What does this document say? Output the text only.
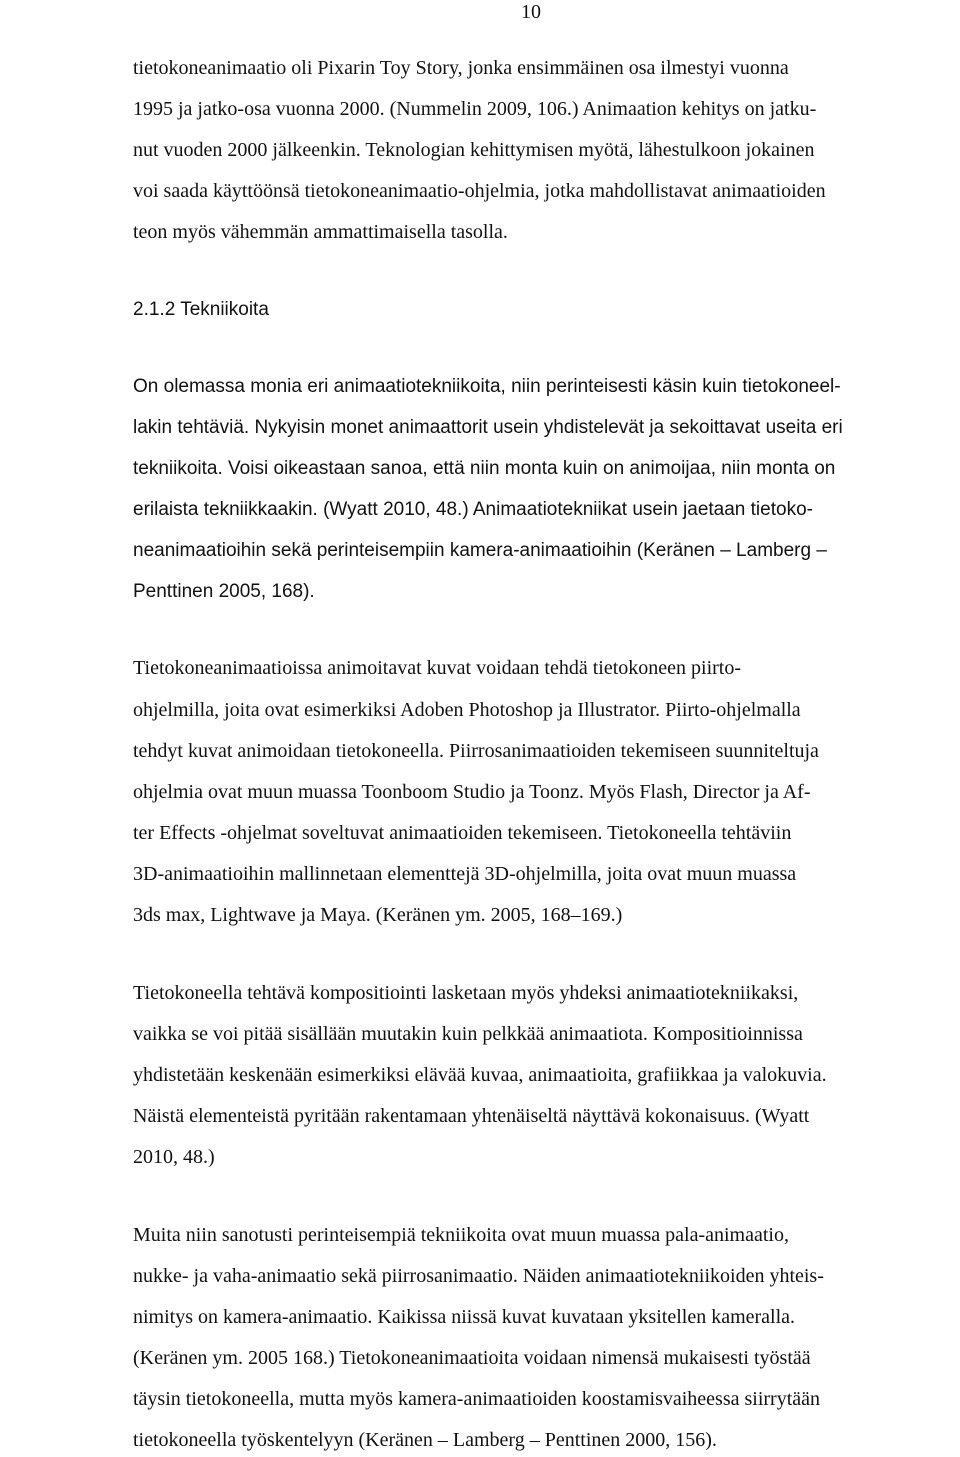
10
tietokoneanimaatio oli Pixarin Toy Story, jonka ensimmäinen osa ilmestyi vuonna
1995 ja jatko-osa vuonna 2000. (Nummelin 2009, 106.) Animaation kehitys on jatku-
nut vuoden 2000 jälkeenkin. Teknologian kehittymisen myötä, lähestulkoon jokainen
voi saada käyttöönsä tietokoneanimaatio-ohjelmia, jotka mahdollistavat animaatioiden
teon myös vähemmän ammattimaisella tasolla.
2.1.2 Tekniikoita
On olemassa monia eri animaatiotekniikoita, niin perinteisesti käsin kuin tietokoneel-
lakin tehtäviä. Nykyisin monet animaattorit usein yhdistelevät ja sekoittavat useita eri
tekniikoita. Voisi oikeastaan sanoa, että niin monta kuin on animoijaa, niin monta on
erilaista tekniikkaakin. (Wyatt 2010, 48.) Animaatiotekniikat usein jaetaan tietoko-
neanimaatioihin sekä perinteisempiin kamera-animaatioihin (Keränen – Lamberg –
Penttinen 2005, 168).
Tietokoneanimaatioissa animoitavat kuvat voidaan tehdä tietokoneen piirto-
ohjelmilla, joita ovat esimerkiksi Adoben Photoshop ja Illustrator. Piirto-ohjelmalla
tehdyt kuvat animoidaan tietokoneella. Piirrosanimaatioiden tekemiseen suunniteltuja
ohjelmia ovat muun muassa Toonboom Studio ja Toonz. Myös Flash, Director ja Af-
ter Effects -ohjelmat soveltuvat animaatioiden tekemiseen. Tietokoneella tehtäviin
3D-animaatioihin mallinnetaan elementtejä 3D-ohjelmilla, joita ovat muun muassa
3ds max, Lightwave ja Maya. (Keränen ym. 2005, 168–169.)
Tietokoneella tehtävä kompositiointi lasketaan myös yhdeksi animaatiotekniikaksi,
vaikka se voi pitää sisällään muutakin kuin pelkkää animaatiota. Kompositioinnissa
yhdistetään keskenään esimerkiksi elävää kuvaa, animaatioita, grafiikkaa ja valokuvia.
Näistä elementeistä pyritään rakentamaan yhtenäiseltä näyttävä kokonaisuus. (Wyatt
2010, 48.)
Muita niin sanotusti perinteisempiä tekniikoita ovat muun muassa pala-animaatio,
nukke- ja vaha-animaatio sekä piirrosanimaatio. Näiden animaatiotekniikoiden yhteis-
nimitys on kamera-animaatio. Kaikissa niissä kuvat kuvataan yksitellen kameralla.
(Keränen ym. 2005 168.) Tietokoneanimaatioita voidaan nimensä mukaisesti työstää
täysin tietokoneella, mutta myös kamera-animaatioiden koostamisvaiheessa siirrytään
tietokoneella työskentelyyn (Keränen – Lamberg – Penttinen 2000, 156).
